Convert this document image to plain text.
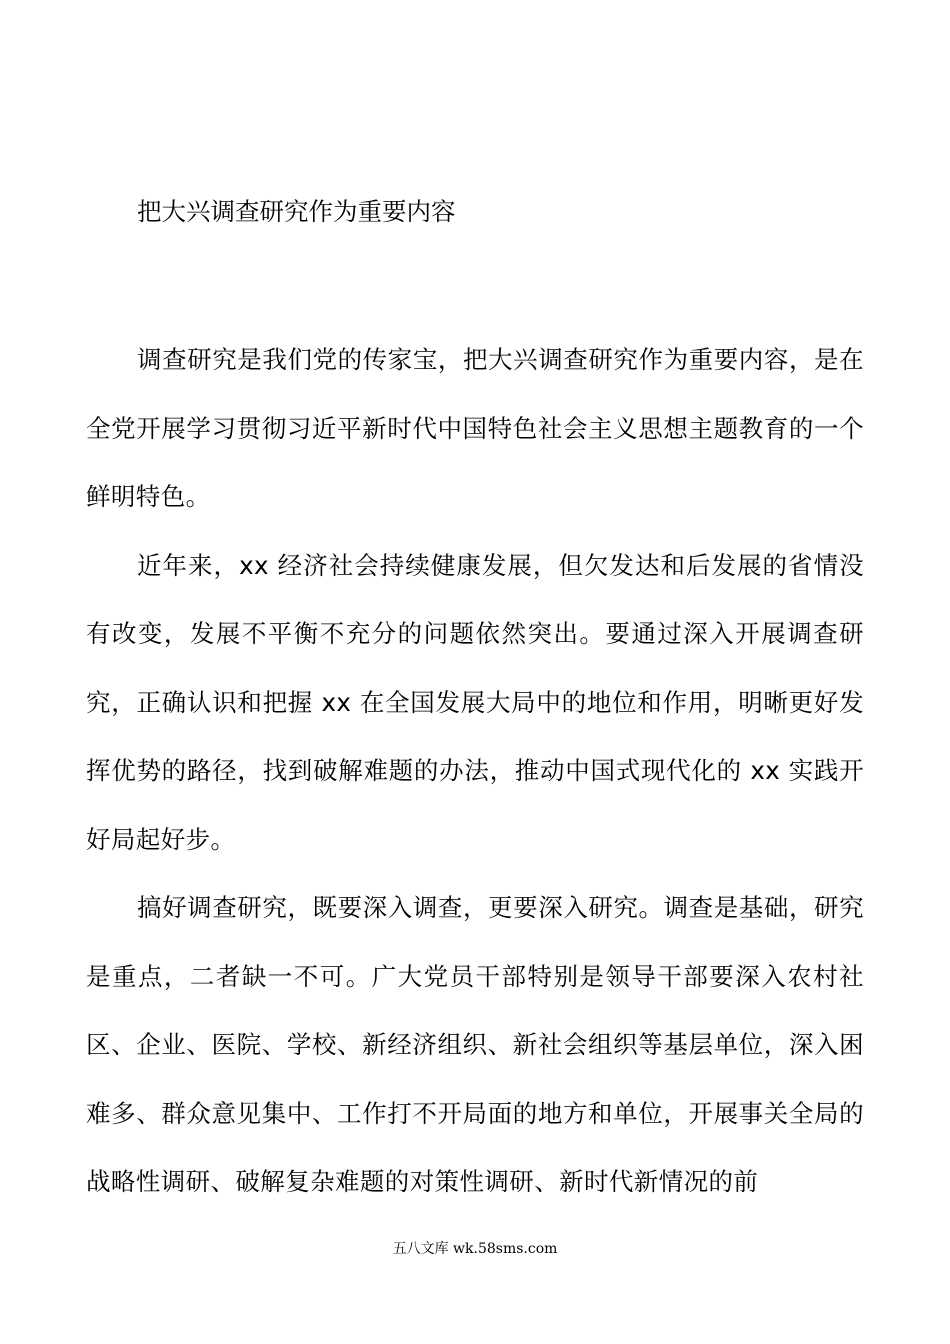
把大兴调查研究作为重要内容

调查研究是我们党的传家宝，把大兴调查研究作为重要内容，是在全党开展学习贯彻习近平新时代中国特色社会主义思想主题教育的一个鲜明特色。

近年来，xx 经济社会持续健康发展，但欠发达和后发展的省情没有改变，发展不平衡不充分的问题依然突出。要通过深入开展调查研究，正确认识和把握 xx 在全国发展大局中的地位和作用，明晰更好发挥优势的路径，找到破解难题的办法，推动中国式现代化的 xx 实践开好局起好步。

搞好调查研究，既要深入调查，更要深入研究。调查是基础，研究是重点，二者缺一不可。广大党员干部特别是领导干部要深入农村社区、企业、医院、学校、新经济组织、新社会组织等基层单位，深入困难多、群众意见集中、工作打不开局面的地方和单位，开展事关全局的战略性调研、破解复杂难题的对策性调研、新时代新情况的前

五八文库 wk.58sms.com
